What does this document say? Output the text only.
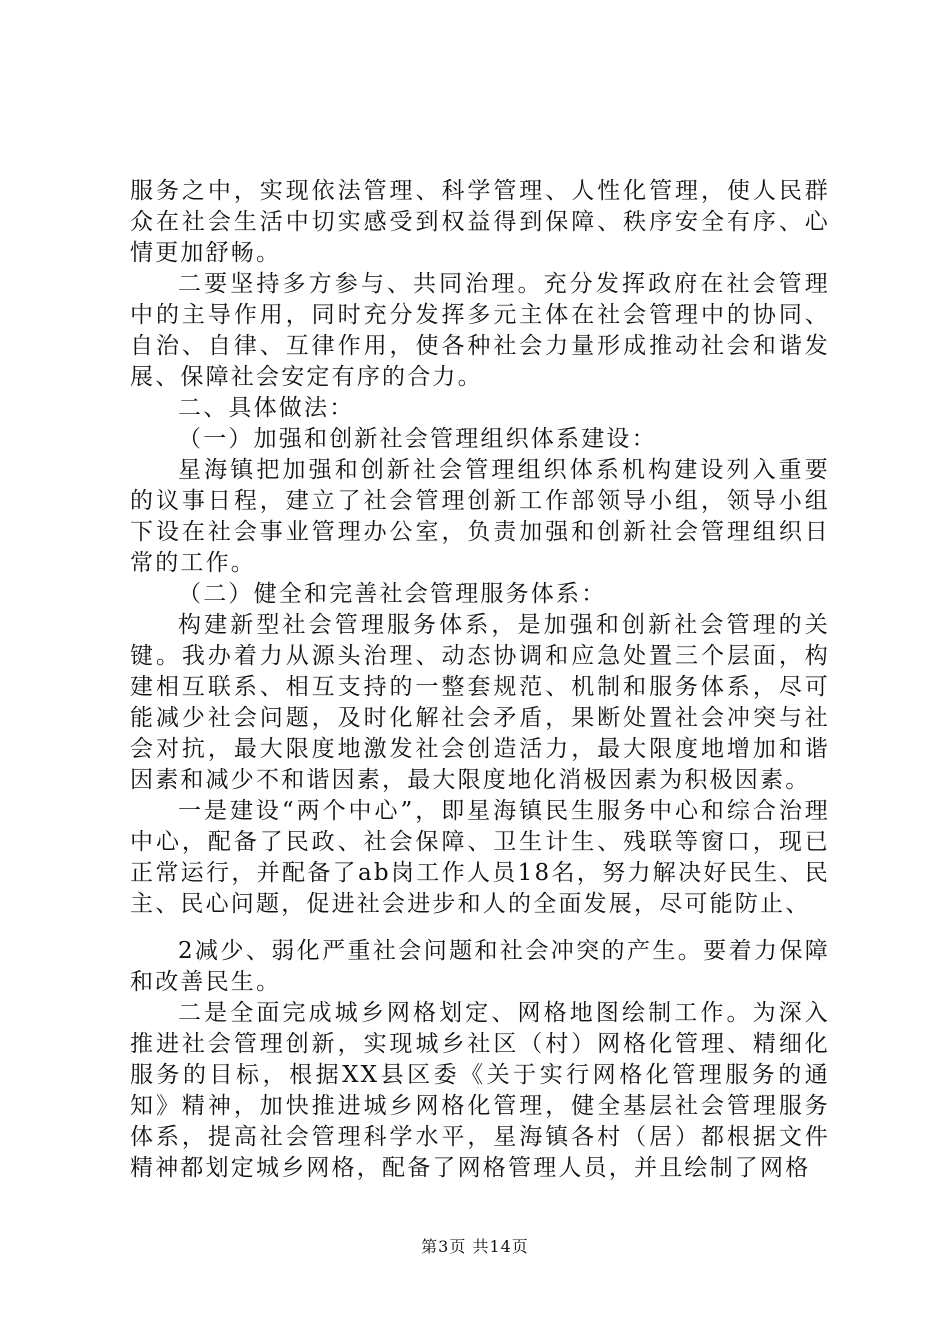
服务之中，实现依法管理、科学管理、人性化管理，使人民群众在社会生活中切实感受到权益得到保障、秩序安全有序、心情更加舒畅。

二要坚持多方参与、共同治理。充分发挥政府在社会管理中的主导作用，同时充分发挥多元主体在社会管理中的协同、自治、自律、互律作用，使各种社会力量形成推动社会和谐发展、保障社会安定有序的合力。

二、具体做法：

（一）加强和创新社会管理组织体系建设：

星海镇把加强和创新社会管理组织体系机构建设列入重要的议事日程，建立了社会管理创新工作部领导小组，领导小组下设在社会事业管理办公室，负责加强和创新社会管理组织日常的工作。

（二）健全和完善社会管理服务体系：

构建新型社会管理服务体系，是加强和创新社会管理的关键。我办着力从源头治理、动态协调和应急处置三个层面，构建相互联系、相互支持的一整套规范、机制和服务体系，尽可能减少社会问题，及时化解社会矛盾，果断处置社会冲突与社会对抗，最大限度地激发社会创造活力，最大限度地增加和谐因素和减少不和谐因素，最大限度地化消极因素为积极因素。

一是建设“两个中心”，即星海镇民生服务中心和综合治理中心，配备了民政、社会保障、卫生计生、残联等窗口，现已正常运行，并配备了ab岗工作人员18名，努力解决好民生、民主、民心问题，促进社会进步和人的全面发展，尽可能防止、

2减少、弱化严重社会问题和社会冲突的产生。要着力保障和改善民生。

二是全面完成城乡网格划定、网格地图绘制工作。为深入推进社会管理创新，实现城乡社区（村）网格化管理、精细化服务的目标，根据XX县区委《关于实行网格化管理服务的通知》精神，加快推进城乡网格化管理，健全基层社会管理服务体系，提高社会管理科学水平，星海镇各村（居）都根据文件精神都划定城乡网格，配备了网格管理人员，并且绘制了网格

第3页 共14页
